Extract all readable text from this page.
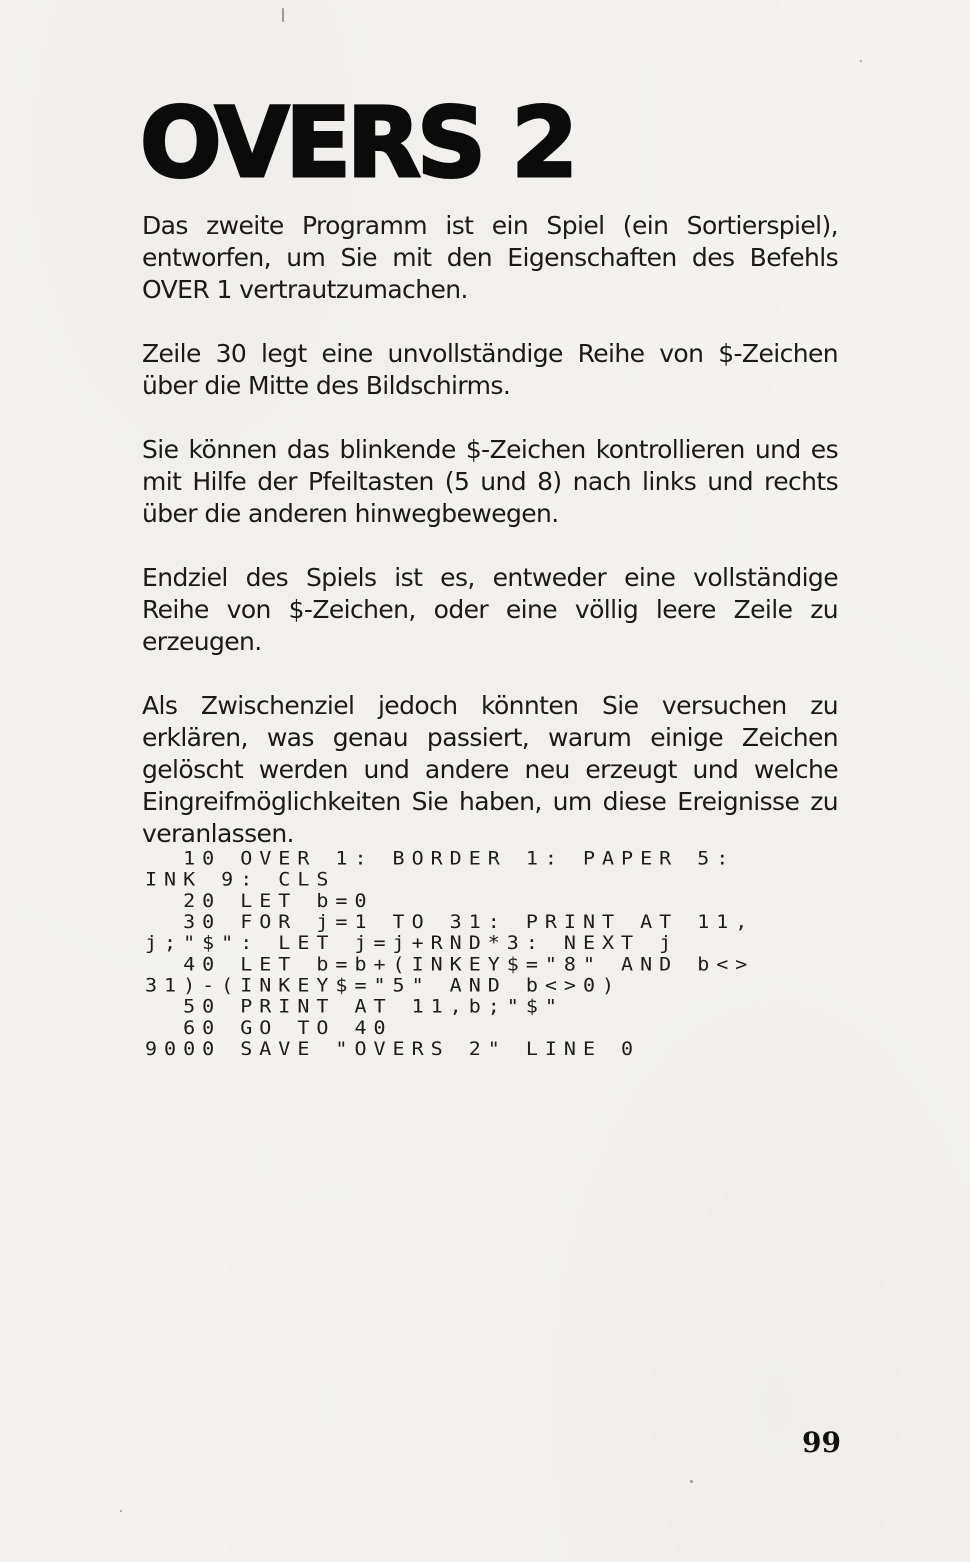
OVERS 2

Das zweite Programm ist ein Spiel (ein Sortierspiel), entworfen, um Sie mit den Eigenschaften des Befehls OVER 1 vertrautzumachen.

Zeile 30 legt eine unvollständige Reihe von $-Zeichen über die Mitte des Bildschirms.

Sie können das blinkende $-Zeichen kontrollieren und es mit Hilfe der Pfeiltasten (5 und 8) nach links und rechts über die anderen hinwegbewegen.

Endziel des Spiels ist es, entweder eine vollständige Reihe von $-Zeichen, oder eine völlig leere Zeile zu erzeugen.

Als Zwischenziel jedoch könnten Sie versuchen zu erklären, was genau passiert, warum einige Zeichen gelöscht werden und andere neu erzeugt und welche Eingreifmöglichkeiten Sie haben, um diese Ereignisse zu veranlassen.

10 OVER 1: BORDER 1: PAPER 5:
INK 9: CLS
20 LET b=0
30 FOR j=1 TO 31: PRINT AT 11,
j;"$": LET j=j+RND*3: NEXT j
40 LET b=b+(INKEY$="8" AND b<>
31)-(INKEY$="5" AND b<>0)
50 PRINT AT 11,b;"$"
60 GO TO 40
9000 SAVE "OVERS 2" LINE 0
99
